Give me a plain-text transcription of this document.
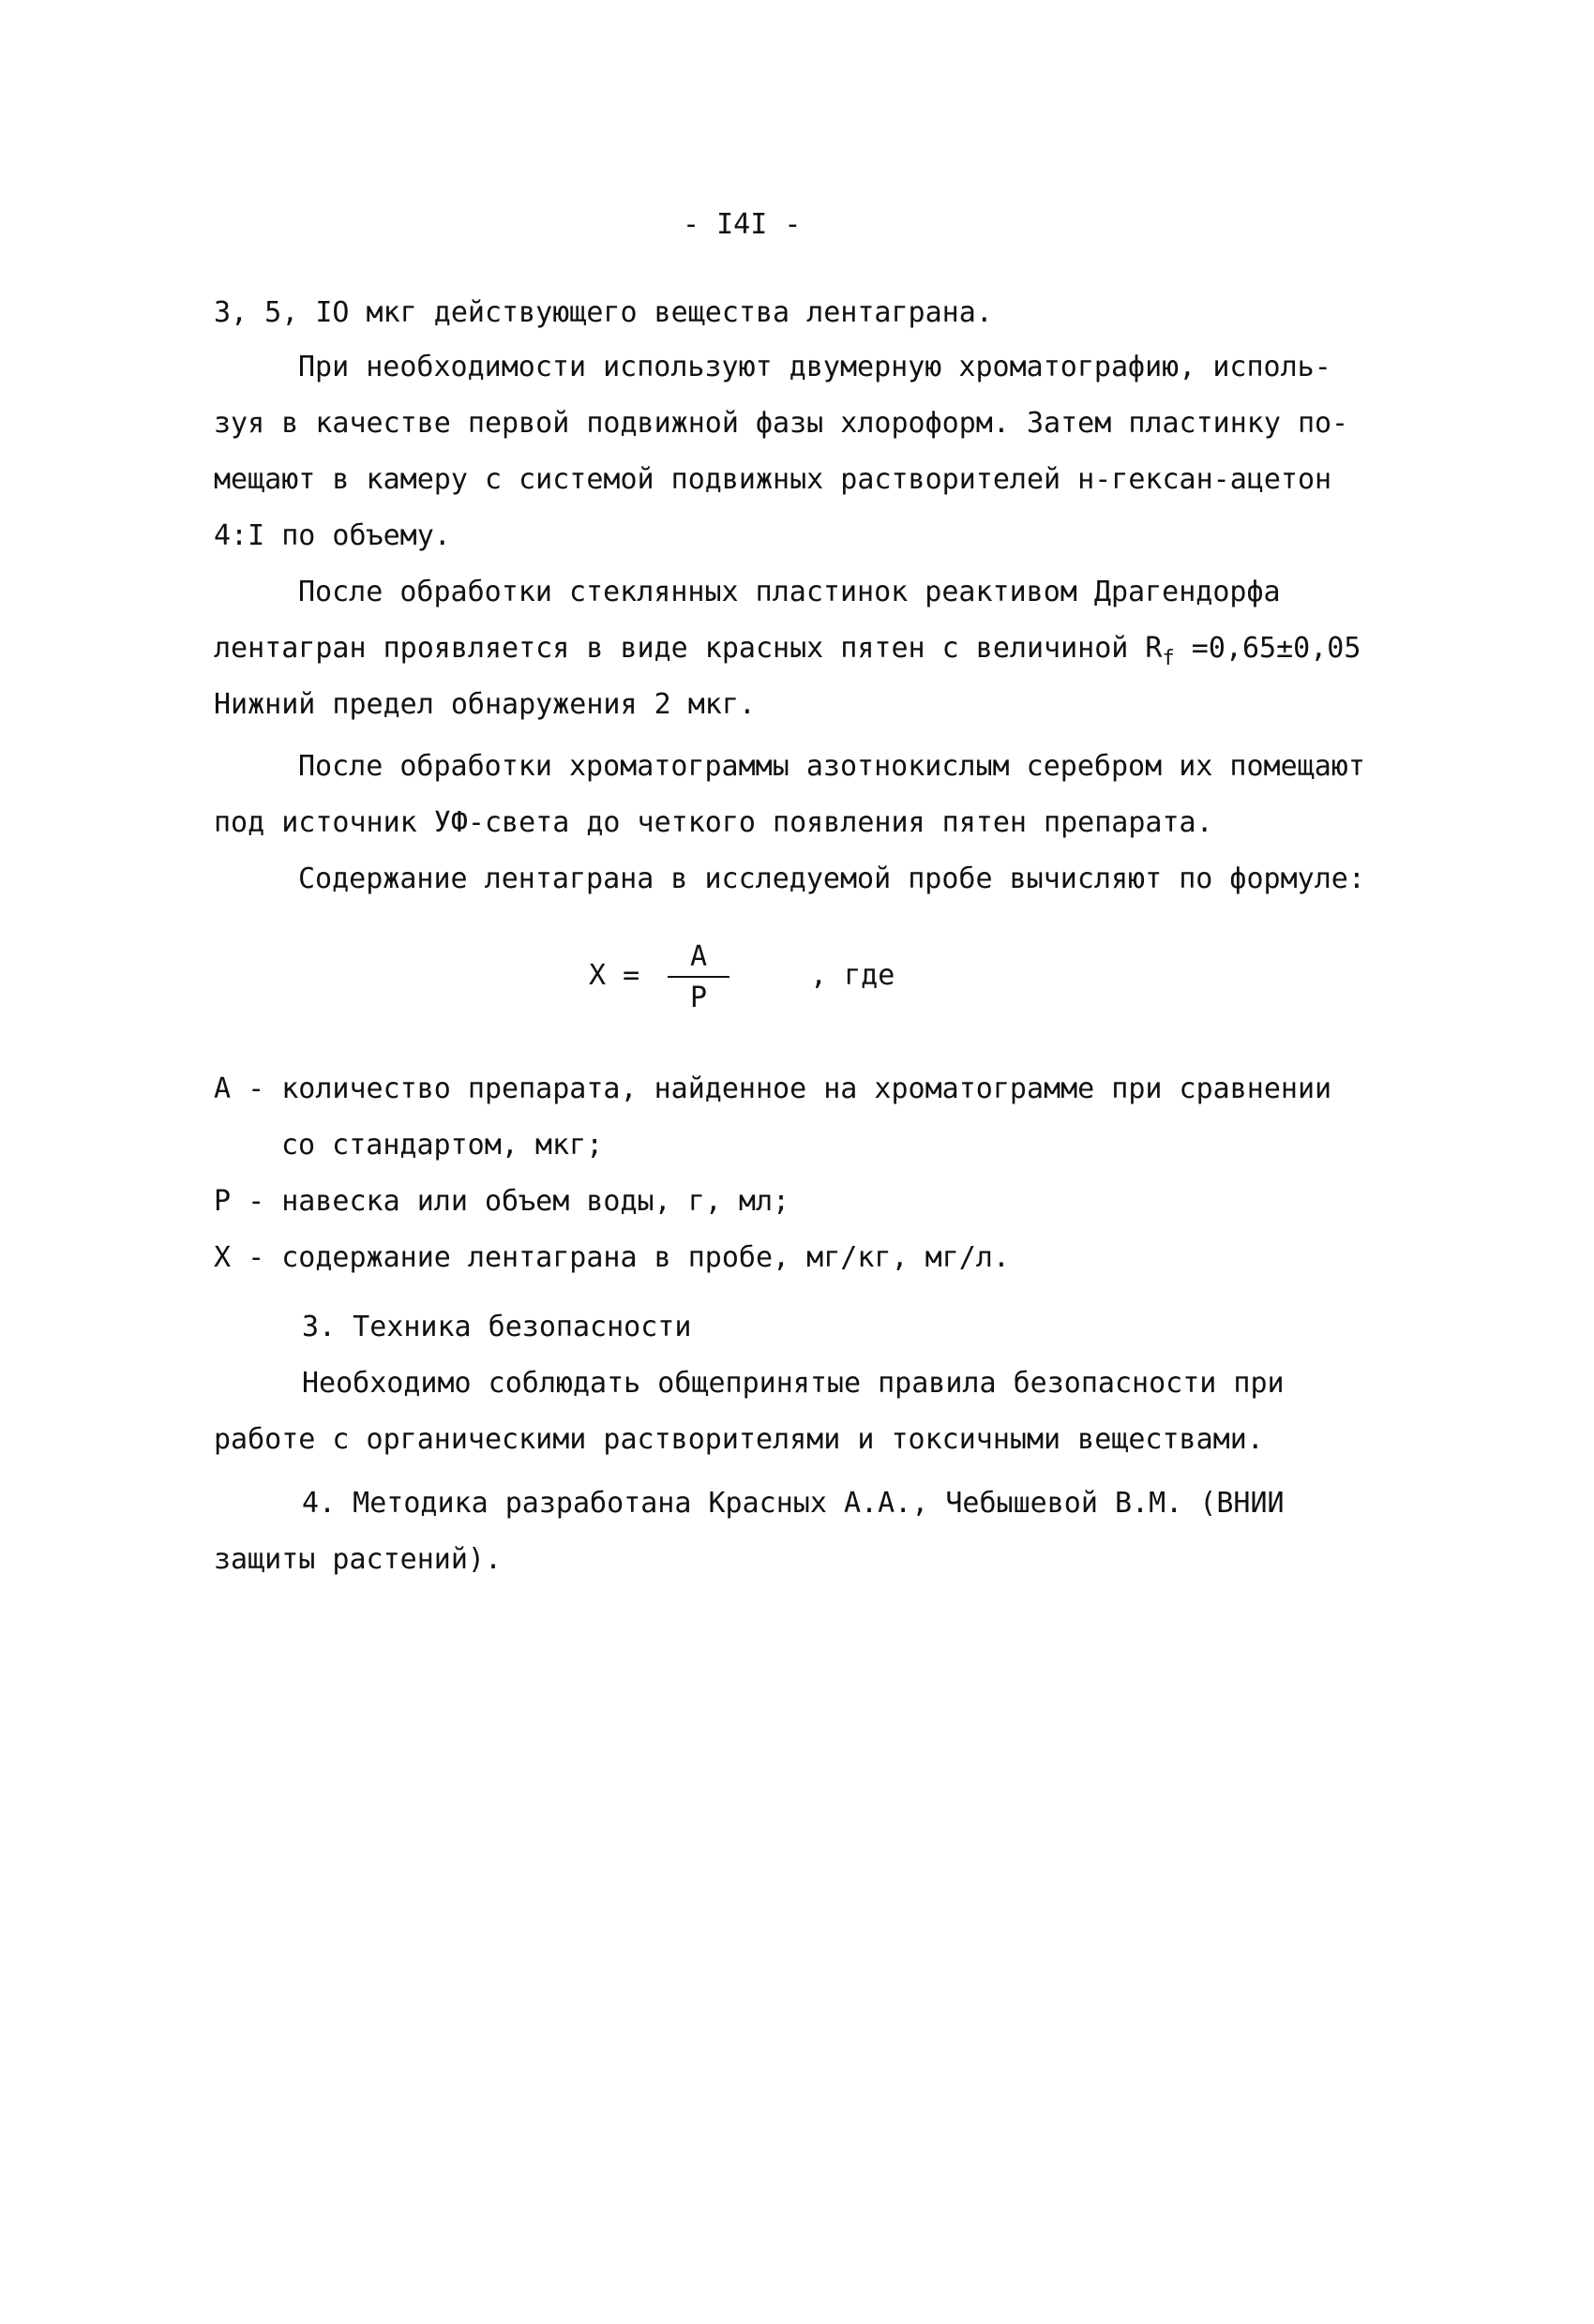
- I4I -
3, 5, IO мкг действующего вещества лентаграна.
При необходимости используют двумерную хроматографию, исполь-
зуя в качестве первой подвижной фазы хлороформ. Затем пластинку по-
мещают в камеру с системой подвижных растворителей н-гексан-ацетон
4:I по объему.
После обработки стеклянных пластинок реактивом Драгендорфа
лентагран проявляется в виде красных пятен с величиной $R_f =0,65\pm 0,05$
Нижний предел обнаружения 2 мкг.
После обработки хроматограммы азотнокислым серебром их помещают
под источник УФ-света до четкого появления пятен препарата.
Содержание лентаграна в исследуемой пробе вычисляют по формуле:
X =
A
P
, где
A - количество препарата, найденное на хроматограмме при сравнении
со стандартом, мкг;
P - навеска или объем воды, г, мл;
X - содержание лентаграна в пробе, мг/кг, мг/л.
3. Техника безопасности
Необходимо соблюдать общепринятые правила безопасности при
работе с органическими растворителями и токсичными веществами.
4. Методика разработана Красных А.А., Чебышевой В.М. (ВНИИ
защиты растений).
